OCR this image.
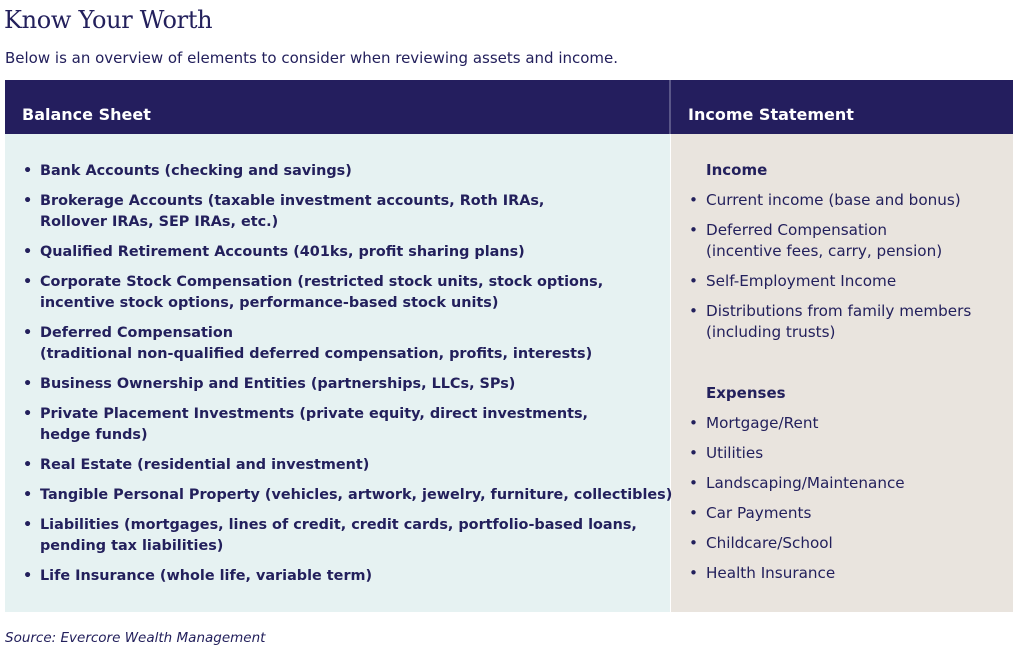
Know Your Worth
Below is an overview of elements to consider when reviewing assets and income.
Balance Sheet	Income Statement
• Bank Accounts (checking and savings)
• Brokerage Accounts (taxable investment accounts, Roth IRAs,
Rollover IRAs, SEP IRAs, etc.)
• Qualified Retirement Accounts (401ks, profit sharing plans)
• Corporate Stock Compensation (restricted stock units, stock options,
incentive stock options, performance-based stock units)
• Deferred Compensation
(traditional non-qualified deferred compensation, profits, interests)
• Business Ownership and Entities (partnerships, LLCs, SPs)
• Private Placement Investments (private equity, direct investments,
hedge funds)
• Real Estate (residential and investment)
• Tangible Personal Property (vehicles, artwork, jewelry, furniture, collectibles)
• Liabilities (mortgages, lines of credit, credit cards, portfolio-based loans,
pending tax liabilities)
• Life Insurance (whole life, variable term)
Income
• Current income (base and bonus)
• Deferred Compensation
(incentive fees, carry, pension)
• Self-Employment Income
• Distributions from family members
(including trusts)
Expenses
• Mortgage/Rent
• Utilities
• Landscaping/Maintenance
• Car Payments
• Childcare/School
• Health Insurance
Source: Evercore Wealth Management
